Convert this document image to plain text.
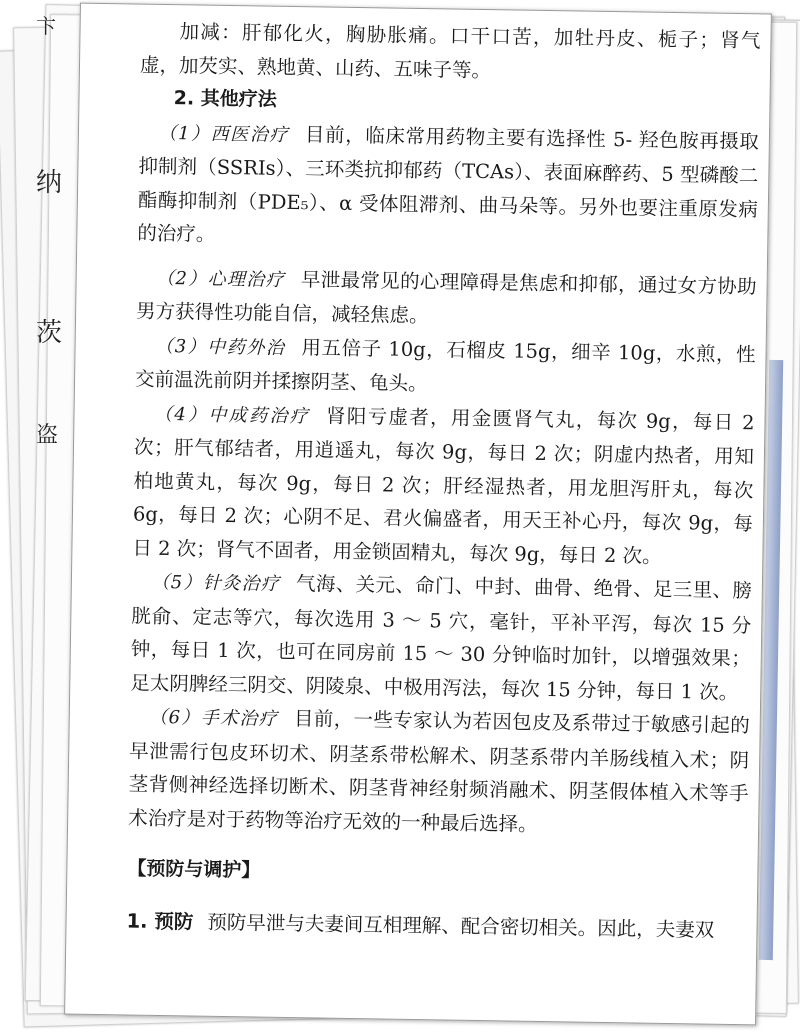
卞
纳
茨
盗

加减：肝郁化火，胸胁胀痛。口干口苦，加牡丹皮、栀子；肾气虚，加芡实、熟地黄、山药、五味子等。

2. 其他疗法

（1）西医治疗 目前，临床常用药物主要有选择性 5- 羟色胺再摄取抑制剂（SSRIs）、三环类抗抑郁药（TCAs）、表面麻醉药、5 型磷酸二酯酶抑制剂（PDE₅）、α 受体阻滞剂、曲马朵等。另外也要注重原发病的治疗。

（2）心理治疗 早泄最常见的心理障碍是焦虑和抑郁，通过女方协助男方获得性功能自信，减轻焦虑。

（3）中药外治 用五倍子 10g，石榴皮 15g，细辛 10g，水煎，性交前温洗前阴并揉擦阴茎、龟头。

（4）中成药治疗 肾阳亏虚者，用金匮肾气丸，每次 9g，每日 2 次；肝气郁结者，用逍遥丸，每次 9g，每日 2 次；阴虚内热者，用知柏地黄丸，每次 9g，每日 2 次；肝经湿热者，用龙胆泻肝丸，每次 6g，每日 2 次；心阴不足、君火偏盛者，用天王补心丹，每次 9g，每日 2 次；肾气不固者，用金锁固精丸，每次 9g，每日 2 次。

（5）针灸治疗 气海、关元、命门、中封、曲骨、绝骨、足三里、膀胱俞、定志等穴，每次选用 3 ～ 5 穴，毫针，平补平泻，每次 15 分钟，每日 1 次，也可在同房前 15 ～ 30 分钟临时加针，以增强效果；足太阴脾经三阴交、阴陵泉、中极用泻法，每次 15 分钟，每日 1 次。

（6）手术治疗 目前，一些专家认为若因包皮及系带过于敏感引起的早泄需行包皮环切术、阴茎系带松解术、阴茎系带内羊肠线植入术；阴茎背侧神经选择切断术、阴茎背神经射频消融术、阴茎假体植入术等手术治疗是对于药物等治疗无效的一种最后选择。

【预防与调护】

1. 预防 预防早泄与夫妻间互相理解、配合密切相关。因此，夫妻双
